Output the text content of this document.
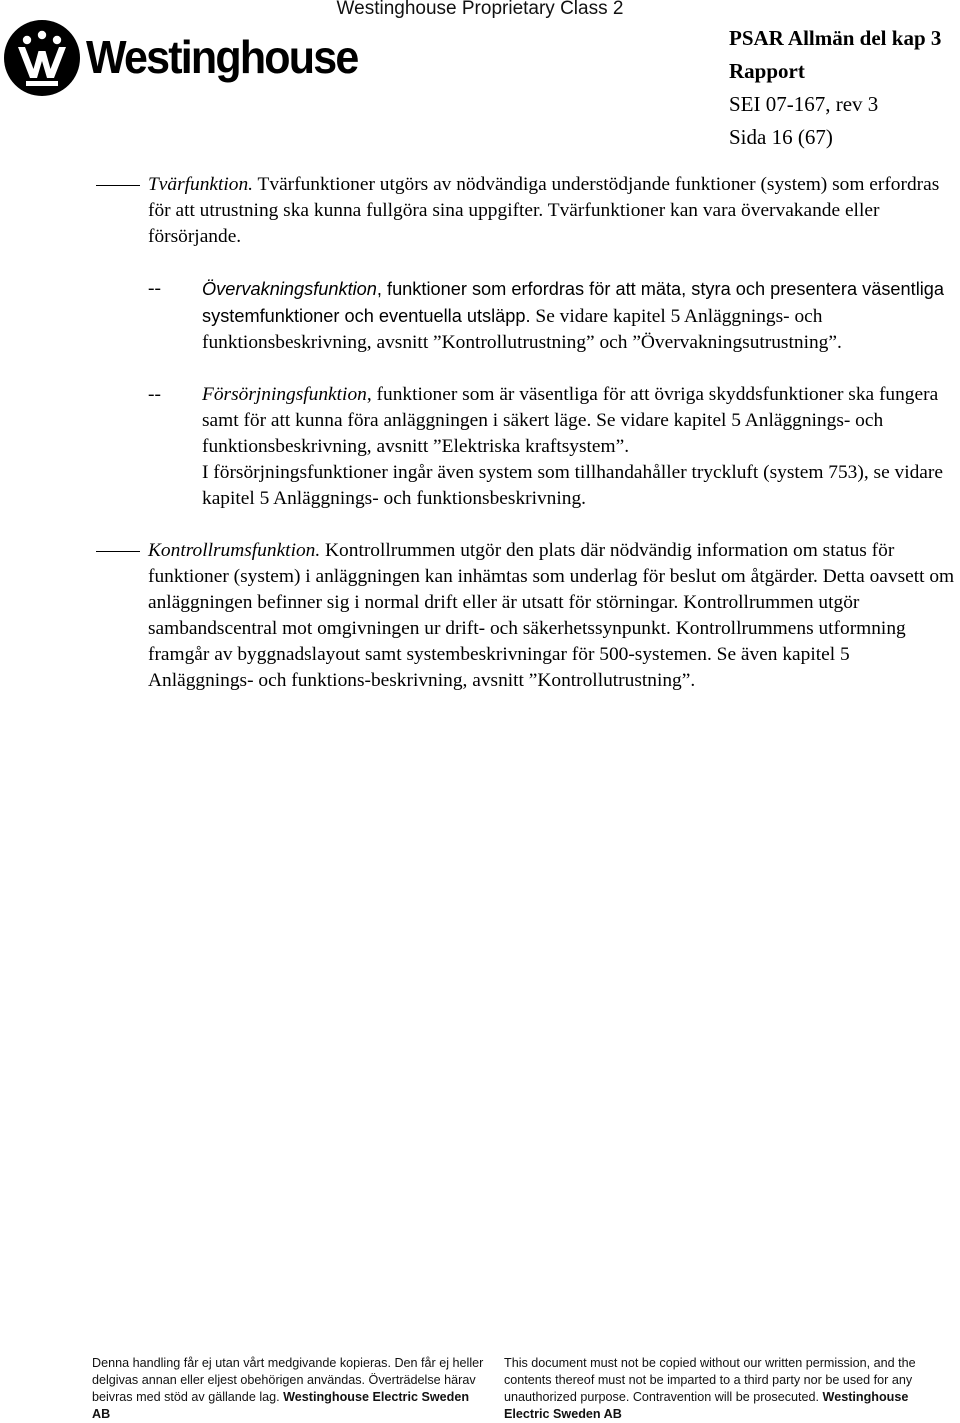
Westinghouse Proprietary Class 2
Westinghouse	PSAR Allmän del kap 3
Rapport
SEI 07-167, rev 3
Sida 16 (67)
Tvärfunktion. Tvärfunktioner utgörs av nödvändiga understödjande funktioner (system) som erfordras för att utrustning ska kunna fullgöra sina uppgifter. Tvärfunktioner kan vara övervakande eller försörjande.
-- Övervakningsfunktion, funktioner som erfordras för att mäta, styra och presentera väsentliga systemfunktioner och eventuella utsläpp. Se vidare kapitel 5 Anläggnings- och funktionsbeskrivning, avsnitt ”Kontrollutrustning” och ”Övervakningsutrustning”.
-- Försörjningsfunktion, funktioner som är väsentliga för att övriga skyddsfunktioner ska fungera samt för att kunna föra anläggningen i säkert läge. Se vidare kapitel 5 Anläggnings- och funktionsbeskrivning, avsnitt ”Elektriska kraftsystem”.
I försörjningsfunktioner ingår även system som tillhandahåller tryckluft (system 753), se vidare kapitel 5 Anläggnings- och funktionsbeskrivning.
Kontrollrumsfunktion. Kontrollrummen utgör den plats där nödvändig information om status för funktioner (system) i anläggningen kan inhämtas som underlag för beslut om åtgärder. Detta oavsett om anläggningen befinner sig i normal drift eller är utsatt för störningar. Kontrollrummen utgör sambandscentral mot omgivningen ur drift- och säkerhetssynpunkt. Kontrollrummens utformning framgår av byggnadslayout samt systembeskrivningar för 500-systemen. Se även kapitel 5 Anläggnings- och funktions-beskrivning, avsnitt ”Kontrollutrustning”.
Denna handling får ej utan vårt medgivande kopieras. Den får ej heller delgivas annan eller eljest obehörigen användas. Överträdelse härav beivras med stöd av gällande lag. Westinghouse Electric Sweden AB
This document must not be copied without our written permission, and the contents thereof must not be imparted to a third party nor be used for any unauthorized purpose. Contravention will be prosecuted. Westinghouse Electric Sweden AB
